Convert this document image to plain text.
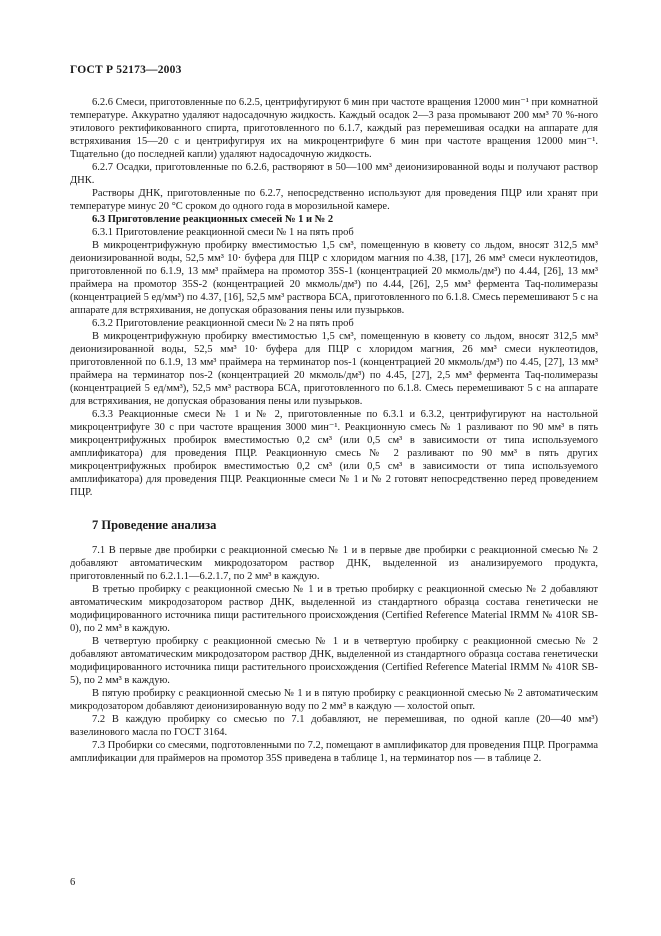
ГОСТ Р 52173—2003

6.2.6 Смеси, приготовленные по 6.2.5, центрифугируют 6 мин при частоте вращения 12000 мин⁻¹ при комнатной температуре. Аккуратно удаляют надосадочную жидкость. Каждый осадок 2—3 раза промывают 200 мм³ 70 %-ного этилового ректификованного спирта, приготовленного по 6.1.7, каждый раз перемешивая осадки на аппарате для встряхивания 15—20 с и центрифугируя их на микроцентрифуге 6 мин при частоте вращения 12000 мин⁻¹. Тщательно (до последней капли) удаляют надосадочную жидкость.

6.2.7 Осадки, приготовленные по 6.2.6, растворяют в 50—100 мм³ деионизированной воды и получают раствор ДНК.

Растворы ДНК, приготовленные по 6.2.7, непосредственно используют для проведения ПЦР или хранят при температуре минус 20 °С сроком до одного года в морозильной камере.

6.3 Приготовление реакционных смесей № 1 и № 2

6.3.1 Приготовление реакционной смеси № 1 на пять проб

В микроцентрифужную пробирку вместимостью 1,5 см³, помещенную в кювету со льдом, вносят 312,5 мм³ деионизированной воды, 52,5 мм³ 10· буфера для ПЦР с хлоридом магния по 4.38, [17], 26 мм³ смеси нуклеотидов, приготовленной по 6.1.9, 13 мм³ праймера на промотор 35S-1 (концентрацией 20 мкмоль/дм³) по 4.44, [26], 13 мм³ праймера на промотор 35S-2 (концентрацией 20 мкмоль/дм³) по 4.44, [26], 2,5 мм³ фермента Taq-полимеразы (концентрацией 5 ед/мм³) по 4.37, [16], 52,5 мм³ раствора БСА, приготовленного по 6.1.8. Смесь перемешивают 5 с на аппарате для встряхивания, не допуская образования пены или пузырьков.

6.3.2 Приготовление реакционной смеси № 2 на пять проб

В микроцентрифужную пробирку вместимостью 1,5 см³, помещенную в кювету со льдом, вносят 312,5 мм³ деионизированной воды, 52,5 мм³ 10· буфера для ПЦР с хлоридом магния, 26 мм³ смеси нуклеотидов, приготовленной по 6.1.9, 13 мм³ праймера на терминатор nos-1 (концентрацией 20 мкмоль/дм³) по 4.45, [27], 13 мм³ праймера на терминатор nos-2 (концентрацией 20 мкмоль/дм³) по 4.45, [27], 2,5 мм³ фермента Taq-полимеразы (концентрацией 5 ед/мм³), 52,5 мм³ раствора БСА, приготовленного по 6.1.8. Смесь перемешивают 5 с на аппарате для встряхивания, не допуская образования пены или пузырьков.

6.3.3 Реакционные смеси № 1 и № 2, приготовленные по 6.3.1 и 6.3.2, центрифугируют на настольной микроцентрифуге 30 с при частоте вращения 3000 мин⁻¹. Реакционную смесь № 1 разливают по 90 мм³ в пять микроцентрифужных пробирок вместимостью 0,2 см³ (или 0,5 см³ в зависимости от типа используемого амплификатора) для проведения ПЦР. Реакционную смесь № 2 разливают по 90 мм³ в пять других микроцентрифужных пробирок вместимостью 0,2 см³ (или 0,5 см³ в зависимости от типа используемого амплификатора) для проведения ПЦР. Реакционные смеси № 1 и № 2 готовят непосредственно перед проведением ПЦР.

7 Проведение анализа

7.1 В первые две пробирки с реакционной смесью № 1 и в первые две пробирки с реакционной смесью № 2 добавляют автоматическим микродозатором раствор ДНК, выделенной из анализируемого продукта, приготовленный по 6.2.1.1—6.2.1.7, по 2 мм³ в каждую.

В третью пробирку с реакционной смесью № 1 и в третью пробирку с реакционной смесью № 2 добавляют автоматическим микродозатором раствор ДНК, выделенной из стандартного образца состава генетически не модифицированного источника пищи растительного происхождения (Certified Reference Material IRMM № 410R SB-0), по 2 мм³ в каждую.

В четвертую пробирку с реакционной смесью № 1 и в четвертую пробирку с реакционной смесью № 2 добавляют автоматическим микродозатором раствор ДНК, выделенной из стандартного образца состава генетически модифицированного источника пищи растительного происхождения (Certified Reference Material IRMM № 410R SB-5), по 2 мм³ в каждую.

В пятую пробирку с реакционной смесью № 1 и в пятую пробирку с реакционной смесью № 2 автоматическим микродозатором добавляют деионизированную воду по 2 мм³ в каждую — холостой опыт.

7.2 В каждую пробирку со смесью по 7.1 добавляют, не перемешивая, по одной капле (20—40 мм³) вазелинового масла по ГОСТ 3164.

7.3 Пробирки со смесями, подготовленными по 7.2, помещают в амплификатор для проведения ПЦР. Программа амплификации для праймеров на промотор 35S приведена в таблице 1, на терминатор nos — в таблице 2.

6
